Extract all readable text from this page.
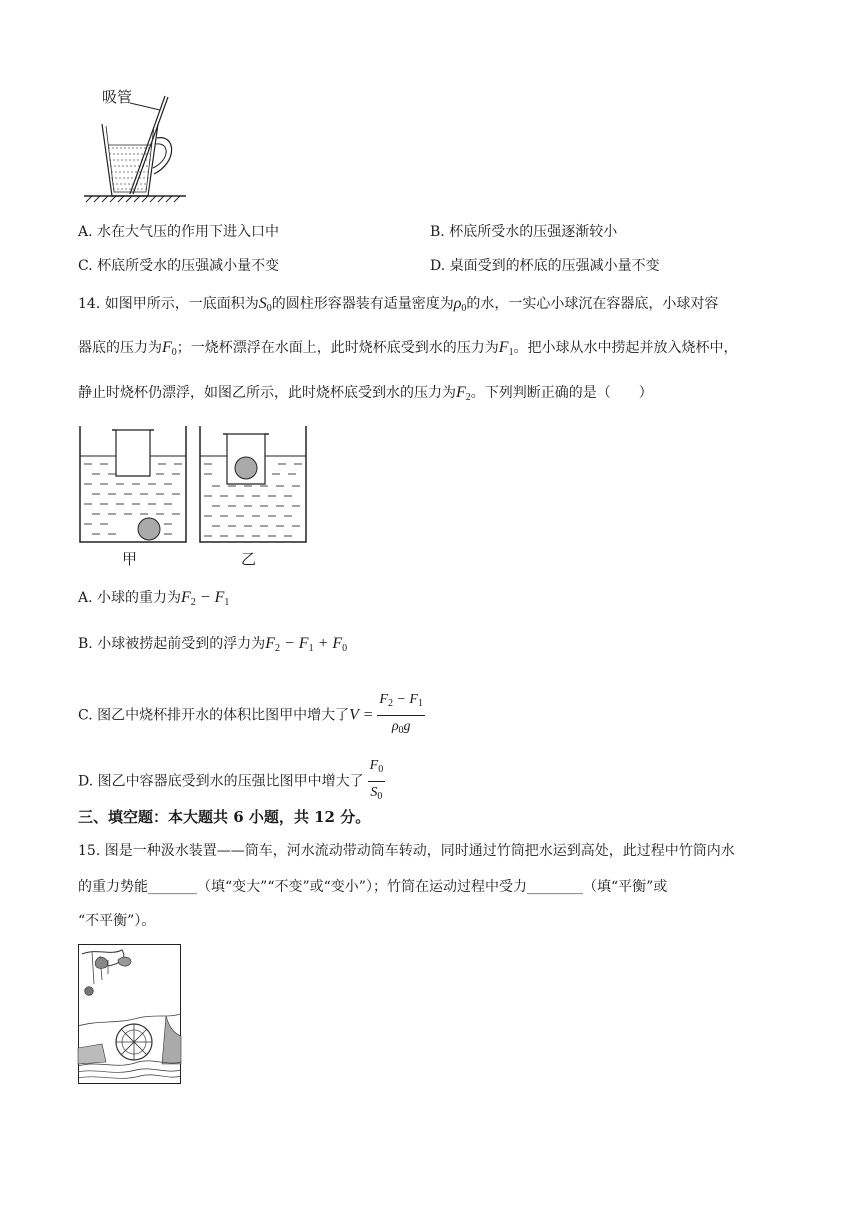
吸管
A. 水在大气压的作用下进入口中	B. 杯底所受水的压强逐渐较小
C. 杯底所受水的压强减小量不变	D. 桌面受到的杯底的压强减小量不变
14. 如图甲所示，一底面积为$S_0$的圆柱形容器装有适量密度为$\rho_0$的水，一实心小球沉在容器底，小球对容
器底的压力为$F_0$；一烧杯漂浮在水面上，此时烧杯底受到水的压力为$F_1$。把小球从水中捞起并放入烧杯中，
静止时烧杯仍漂浮，如图乙所示，此时烧杯底受到水的压力为$F_2$。下列判断正确的是（　　）
甲	乙
A. 小球的重力为$F_2 - F_1$
B. 小球被捞起前受到的浮力为$F_2 - F_1 + F_0$
C. 图乙中烧杯排开水的体积比图甲中增大了$V = \frac{F_2 - F_1}{\rho_0g}$
D. 图乙中容器底受到水的压强比图甲中增大了 $\frac{F_0}{S_0}$
三、填空题：本大题共 6 小题，共 12 分。
15. 图是一种汲水装置——筒车，河水流动带动筒车转动，同时通过竹筒把水运到高处，此过程中竹筒内水
的重力势能_______（填“变大”“不变”或“变小”）；竹筒在运动过程中受力________（填“平衡”或
“不平衡”）。
